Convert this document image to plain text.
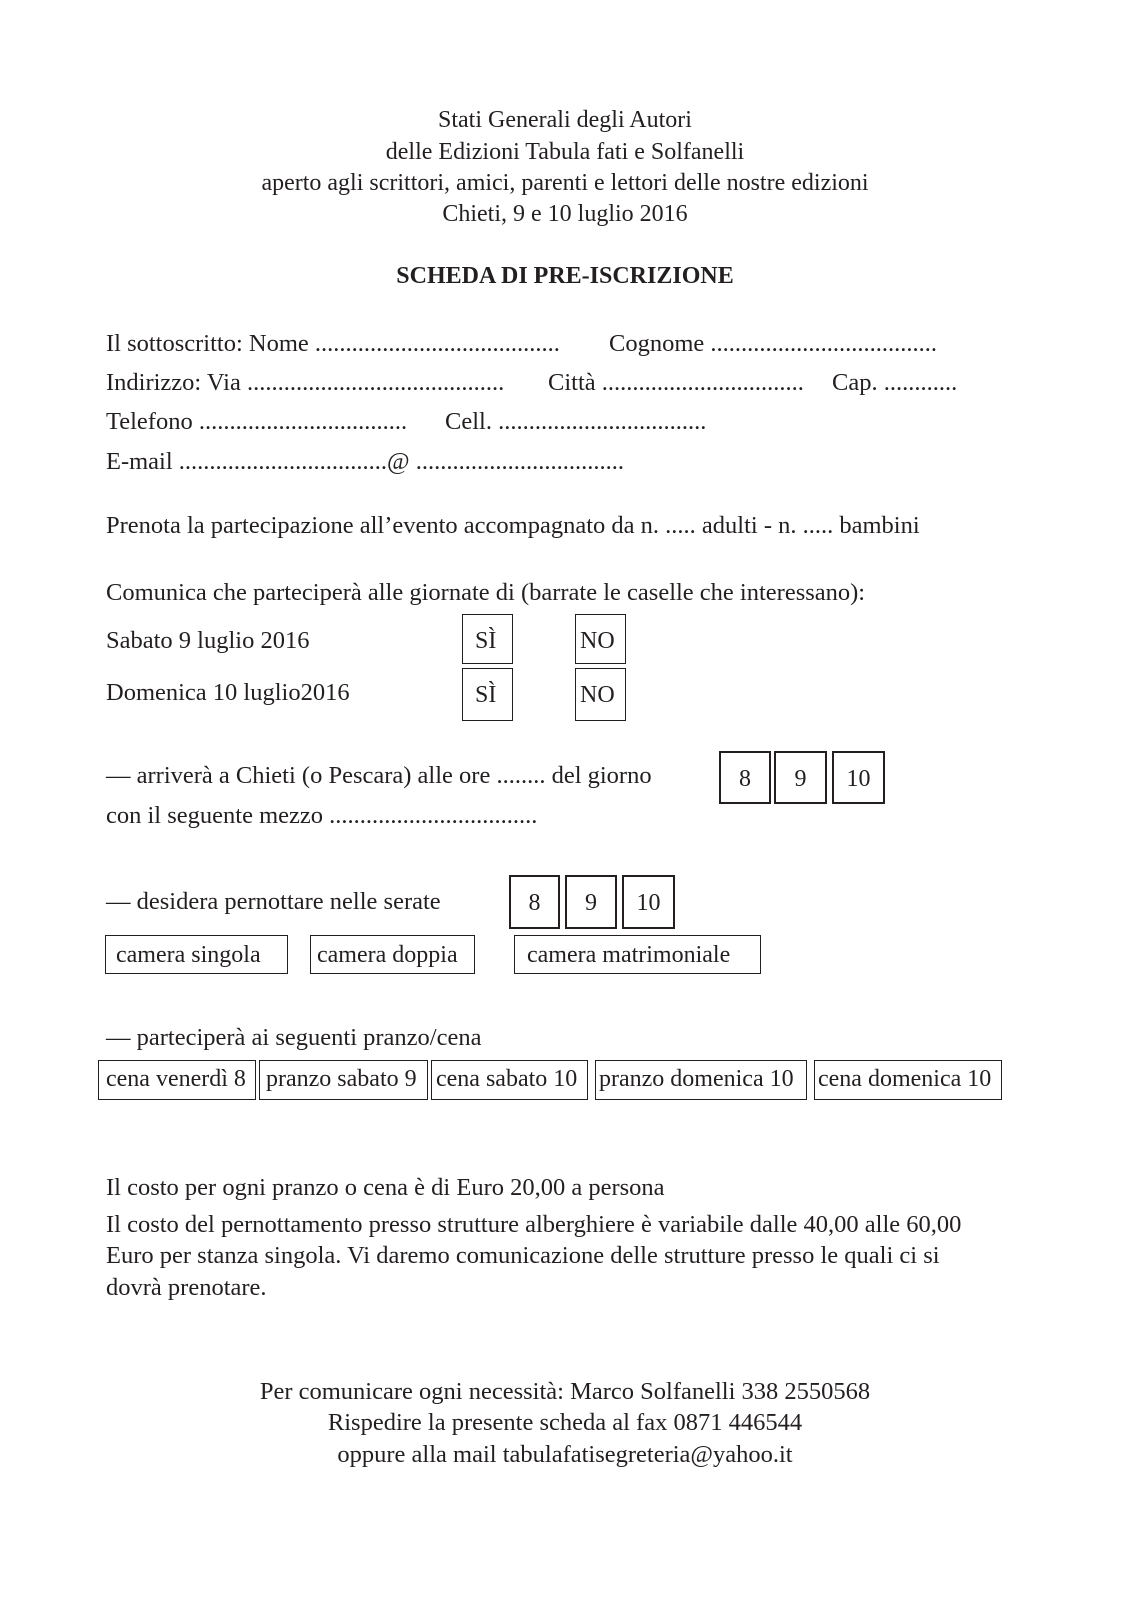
Stati Generali degli Autori
delle Edizioni Tabula fati e Solfanelli
aperto agli scrittori, amici, parenti e lettori delle nostre edizioni
Chieti, 9 e 10 luglio 2016
SCHEDA DI PRE-ISCRIZIONE
Il sottoscritto: Nome ........................................ Cognome .....................................
Indirizzo: Via .......................................... Città ................................. Cap. ............
Telefono .................................. Cell. ..................................
E-mail ..................................@ ..................................
Prenota la partecipazione all’evento accompagnato da n. ..... adulti - n. ..... bambini
Comunica che parteciperà alle giornate di (barrate le caselle che interessano):
Sabato 9 luglio 2016	SÌ	NO
Domenica 10 luglio2016	SÌ	NO
— arriverà a Chieti (o Pescara) alle ore ........ del giorno
con il seguente mezzo ..................................
8	9	10
— desidera pernottare nelle serate	8	9	10
camera singola	camera doppia	camera matrimoniale
— parteciperà ai seguenti pranzo/cena
cena venerdì 8 pranzo sabato 9 cena sabato 10 pranzo domenica 10	cena domenica 10
Il costo per ogni pranzo o cena è di Euro 20,00 a persona
Il costo del pernottamento presso strutture alberghiere è variabile dalle 40,00 alle 60,00
Euro per stanza singola. Vi daremo comunicazione delle strutture presso le quali ci si
dovrà prenotare.
Per comunicare ogni necessità: Marco Solfanelli 338 2550568
Rispedire la presente scheda al fax 0871 446544
oppure alla mail tabulafatisegreteria@yahoo.it
